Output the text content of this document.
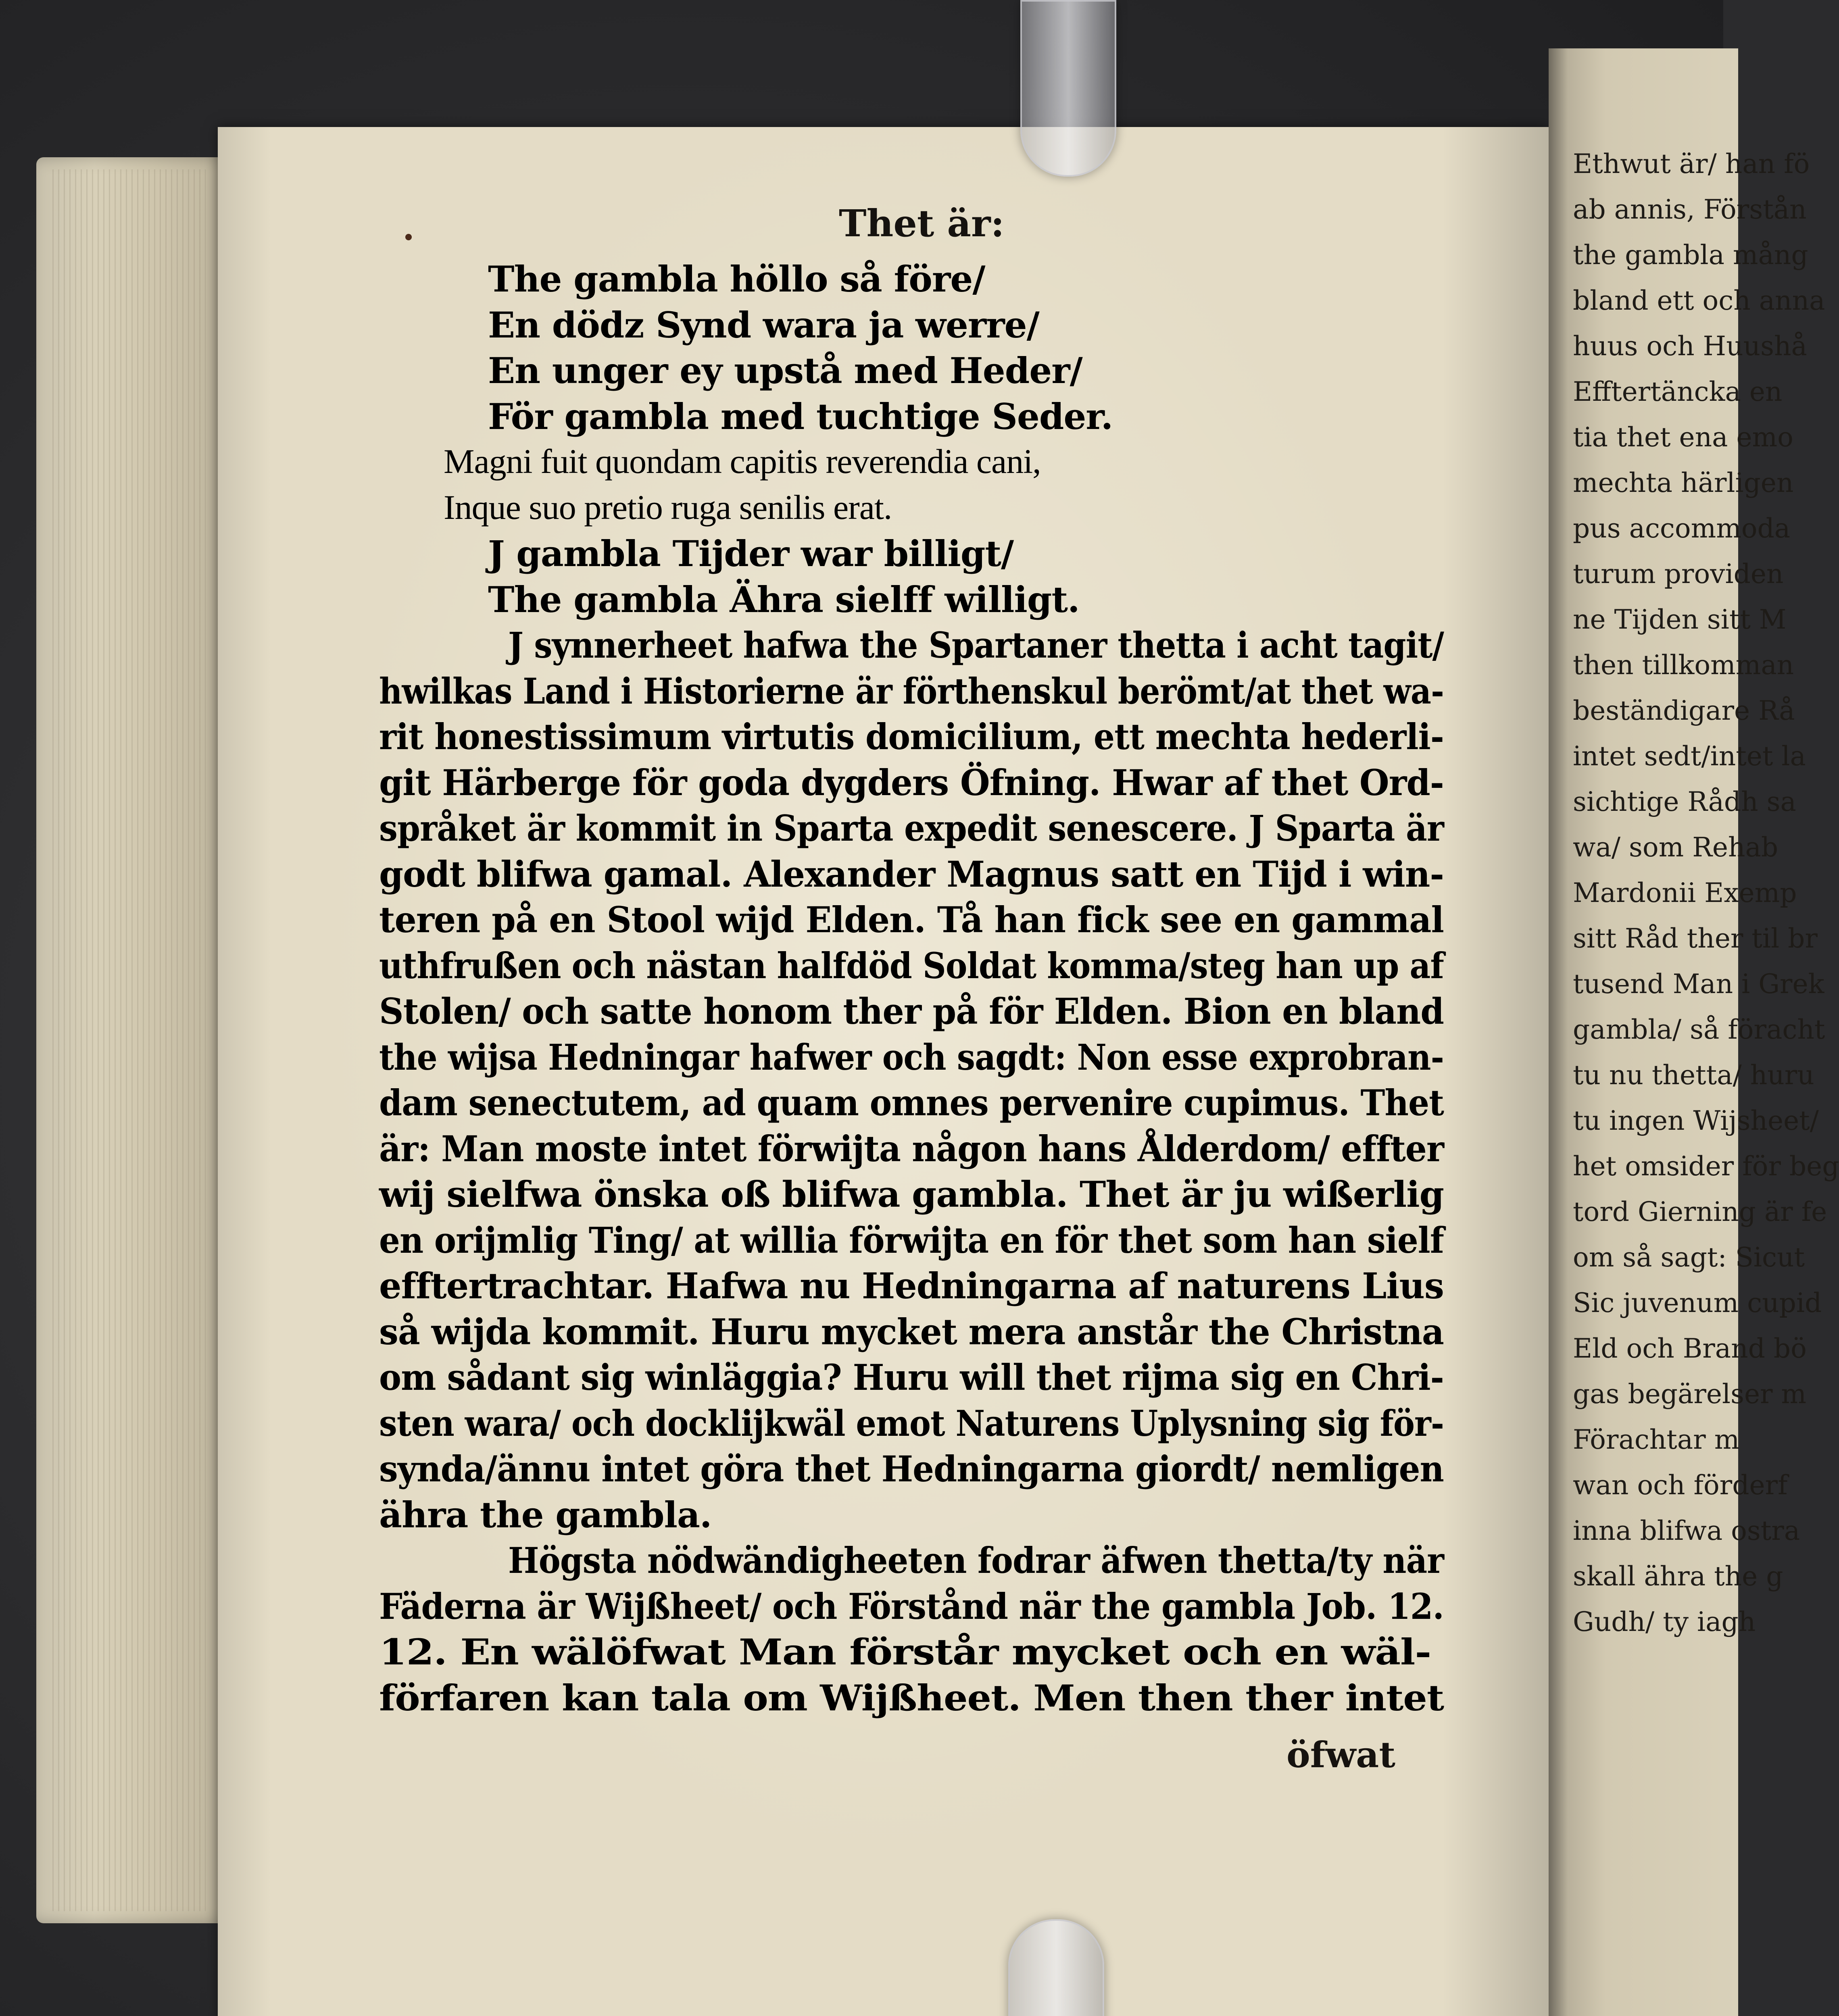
Ethwut är/ han fö
ab annis, Förstån
the gambla mång
bland ett och anna
huus och Huushå
Efftertäncka en
tia thet ena emo
mechta härligen
pus accommoda
turum providen
ne Tijden sitt M
then tillkomman
beständigare Rå
intet sedt/intet la
sichtige Rådh sa
wa/ som Rehab
Mardonii Exemp
sitt Råd ther til br
tusend Man i Grek
gambla/ så föracht
tu nu thetta/ huru
tu ingen Wijsheet/
het omsider för beg
tord Gierning är fe
om så sagt: Sicut
Sic juvenum cupid
Eld och Brand bö
gas begärelser m
Förachtar m
wan och förderf
inna blifwa ostra
skall ähra the g
Gudh/ ty iagh
Thet är:
The gambla höllo så före/
En dödz Synd wara ja werre/
En unger ey upstå med Heder/
För gambla med tuchtige Seder.
Magni fuit quondam capitis reverendia cani,
Inque suo pretio ruga senilis erat.
J gambla Tijder war billigt/
The gambla Ähra sielff willigt.
J synnerheet hafwa the Spartaner thetta i acht tagit/
hwilkas Land i Historierne är förthenskul berömt/at thet wa-
rit honestissimum virtutis domicilium, ett mechta hederli-
git Härberge för goda dygders Öfning. Hwar af thet Ord-
språket är kommit in Sparta expedit senescere. J Sparta är
godt blifwa gamal. Alexander Magnus satt en Tijd i win-
teren på en Stool wijd Elden. Tå han fick see en gammal
uthfrußen och nästan halfdöd Soldat komma/steg han up af
Stolen/ och satte honom ther på för Elden. Bion en bland
the wijsa Hedningar hafwer och sagdt: Non esse exprobran-
dam senectutem, ad quam omnes pervenire cupimus. Thet
är: Man moste intet förwijta någon hans Ålderdom/ effter
wij sielfwa önska oß blifwa gambla. Thet är ju wißerlig
en orijmlig Ting/ at willia förwijta en för thet som han sielf
efftertrachtar. Hafwa nu Hedningarna af naturens Lius
så wijda kommit. Huru mycket mera anstår the Christna
om sådant sig winläggia? Huru will thet rijma sig en Chri-
sten wara/ och docklijkwäl emot Naturens Uplysning sig för-
synda/ännu intet göra thet Hedningarna giordt/ nemligen
ähra the gambla.
Högsta nödwändigheeten fodrar äfwen thetta/ty när
Fäderna är Wijßheet/ och Förstånd när the gambla Job. 12.
12. En wälöfwat Man förstår mycket och en wäl-
förfaren kan tala om Wijßheet. Men then ther intet
öfwat
